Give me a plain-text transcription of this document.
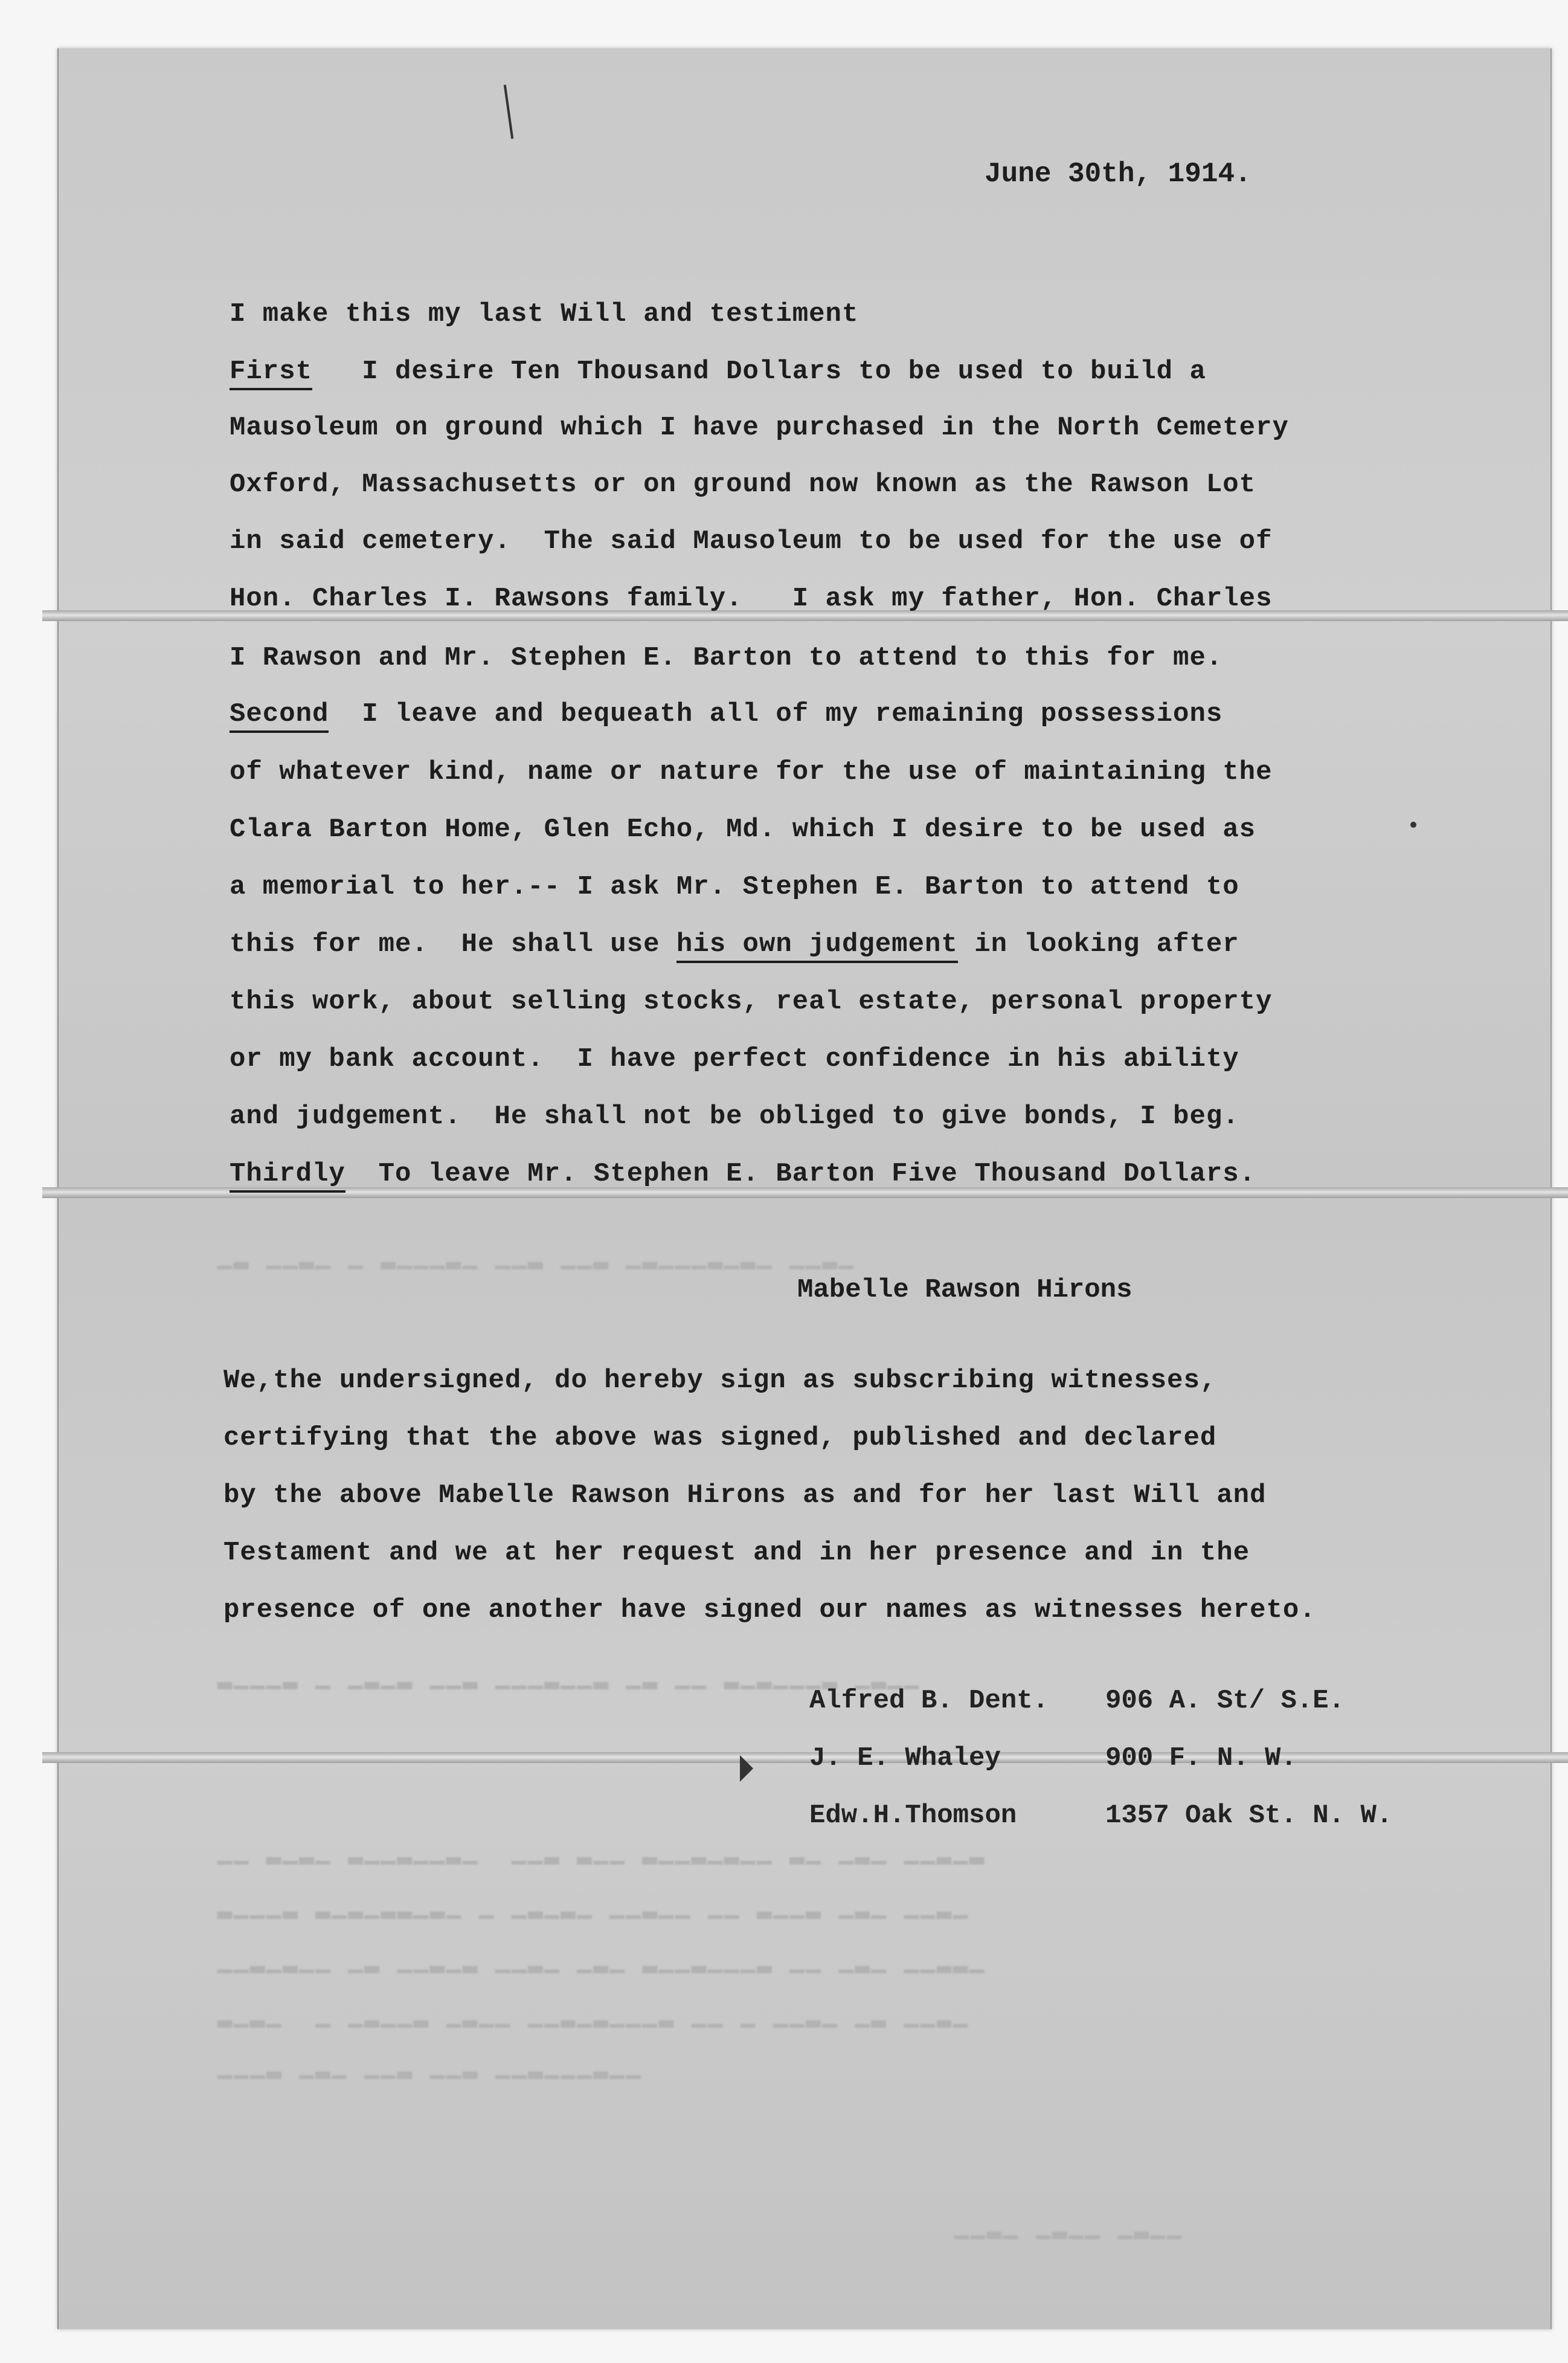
▁▂ ▁▁▂▁ ▁ ▂▁▁▁▂▁ ▁▁▂ ▁▁▂ ▁▂▁▁▁▂▁▂▁ ▁▁▂▁
▂▁▁▁▂ ▁ ▁▂▁▂ ▁▁▂ ▁▁▁▂▁▁▂ ▁▂ ▁▁ ▂▁▂▁▁▁▂ ▁▂▁▁
▁▁ ▂▁▂▁ ▂▁▁▂▁▁▂▁  ▁▁▂ ▂▁▁ ▂▁▁▂▁▂▁▁ ▂▁ ▁▂▁ ▁▁▂▁▂
▂▁▁▁▂ ▂▁▂▁▂▂▁▂▁ ▁ ▁▂▁▂▁ ▁▁▂▁▁ ▁▁ ▂▁▁▂ ▁▂▁ ▁▁▂▁
▁▁▂▁▂▁▁ ▁▂ ▁▁▂▁▂ ▁▁▂▁ ▁▂▁ ▂▁▁▂▁▁▁▂ ▁▁ ▁▂▁ ▁▁▂▂▁
▂▁▂▁  ▁ ▁▂▁▁▂ ▁▂▁▁ ▁▁▂▁▂▁▁▁▂ ▁▁ ▁ ▁▁▂▁ ▁▂ ▁▁▂▁
▁▁▁▂ ▁▂▁ ▁▁▂ ▁▁▂ ▁▁▂▁▁▁▂▁▁
▁▁▂▁ ▁▂▁▁ ▁▂▁▁

June 30th, 1914.

I make this my last Will and testiment

First   I desire Ten Thousand Dollars to be used to build a

Mausoleum on ground which I have purchased in the North Cemetery

Oxford, Massachusetts or on ground now known as the Rawson Lot

in said cemetery.  The said Mausoleum to be used for the use of

Hon. Charles I. Rawsons family.   I ask my father, Hon. Charles

I Rawson and Mr. Stephen E. Barton to attend to this for me.

Second  I leave and bequeath all of my remaining possessions

of whatever kind, name or nature for the use of maintaining the

Clara Barton Home, Glen Echo, Md. which I desire to be used as

a memorial to her.-- I ask Mr. Stephen E. Barton to attend to

this for me.  He shall use his own judgement in looking after

this work, about selling stocks, real estate, personal property

or my bank account.  I have perfect confidence in his ability

and judgement.  He shall not be obliged to give bonds, I beg.

Thirdly  To leave Mr. Stephen E. Barton Five Thousand Dollars.

Mabelle Rawson Hirons

We,the undersigned, do hereby sign as subscribing witnesses,

certifying that the above was signed, published and declared

by the above Mabelle Rawson Hirons as and for her last Will and

Testament and we at her request and in her presence and in the

presence of one another have signed our names as witnesses hereto.

Alfred B. Dent. 906 A. St/ S.E.

J. E. Whaley	900 F. N. W.

Edw.H.Thomson	1357 Oak St. N. W.
